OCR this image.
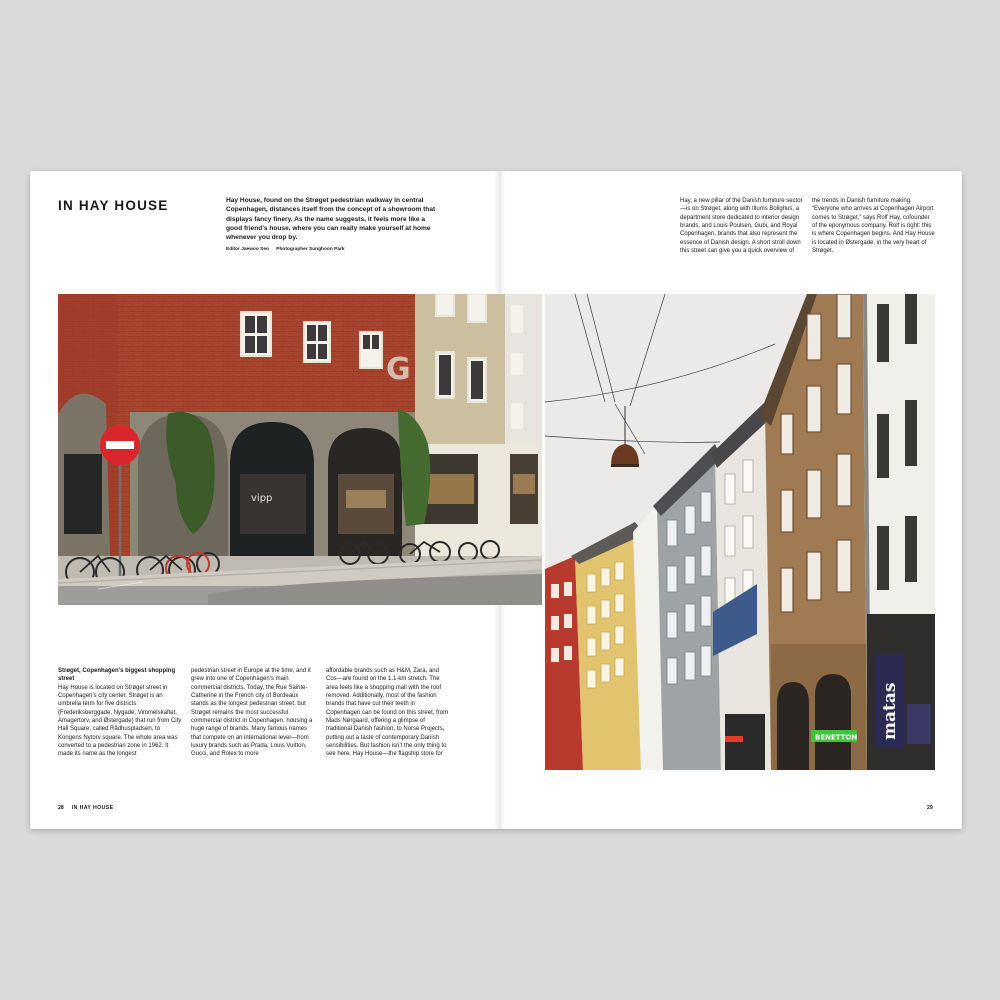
IN HAY HOUSE	Hay House, found on the Strøget pedestrian walkway in central Copenhagen, distances itself from the concept of a showroom that displays fancy finery. As the name suggests, it feels more like a good friend’s house, where you can really make yourself at home whenever you drop by.

Editor Jaewoo Seo Photographer Sunghoon Park

G
vipp

Strøget, Copenhagen’s biggest shopping street
Hay House is located on Strøget street in Copenhagen’s city center. Strøget is an umbrella term for five districts (Frederiksberggade, Nygade, Vimmelskaftet, Amagertorv, and Østergade) that run from City Hall Square, called Rådhuspladsen, to Kongens Nytorv square. The whole area was converted to a pedestrian zone in 1962. It made its name as the longest

pedestrian street in Europe at the time, and it grew into one of Copenhagen’s main commercial districts. Today, the Rue Sainte-Catherine in the French city of Bordeaux stands as the longest pedestrian street, but Strøget remains the most successful commercial district in Copenhagen, housing a huge range of brands. Many famous names that compete on an international level—from luxury brands such as Prada, Louis Vuitton, Gucci, and Rolex to more

affordable brands such as H&M, Zara, and Cos—are found on the 1.1-km stretch. The area feels like a shopping mall with the roof removed. Additionally, most of the fashion brands that have cut their teeth in Copenhagen can be found on this street, from Mads Nørgaard, offering a glimpse of traditional Danish fashion, to Norse Projects, putting out a taste of contemporary Danish sensibilities. But fashion isn’t the only thing to see here. Hay House—the flagship store for

28 IN HAY HOUSE

Hay, a new pillar of the Danish furniture sector—is on Strøget, along with Illums Bolighus, a department store dedicated to interior design brands, and Louis Poulsen, Gubi, and Royal Copenhagen, brands that also represent the essence of Danish design. A short stroll down this street can give you a quick overview of

the trends in Danish furniture making. “Everyone who arrives at Copenhagen Airport comes to Strøget,” says Rolf Hay, cofounder of the eponymous company. Rolf is right: this is where Copenhagen begins. And Hay House is located in Østergade, in the very heart of Strøget.

BENETTON matas

29
